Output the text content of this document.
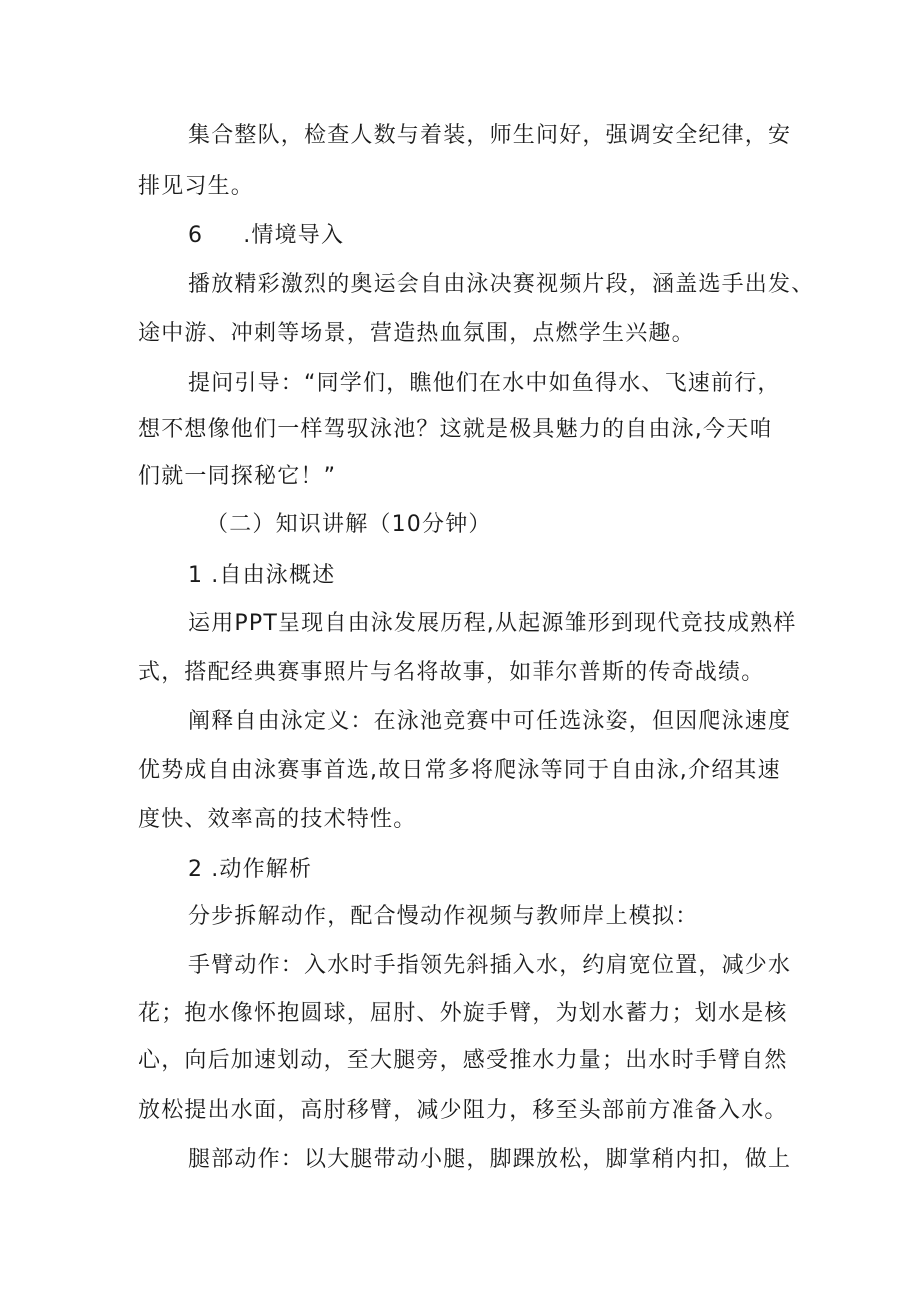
集合整队，检查人数与着装，师生问好，强调安全纪律，安
排见习生。
6 .情境导入
播放精彩激烈的奥运会自由泳决赛视频片段，涵盖选手出发、
途中游、冲刺等场景，营造热血氛围，点燃学生兴趣。
提问引导：“同学们，瞧他们在水中如鱼得水、飞速前行，
想不想像他们一样驾驭泳池？这就是极具魅力的自由泳,今天咱
们就一同探秘它！”
（二）知识讲解（10分钟）
1 .自由泳概述
运用PPT呈现自由泳发展历程,从起源雏形到现代竞技成熟样
式，搭配经典赛事照片与名将故事，如菲尔普斯的传奇战绩。
阐释自由泳定义：在泳池竞赛中可任选泳姿，但因爬泳速度
优势成自由泳赛事首选,故日常多将爬泳等同于自由泳,介绍其速
度快、效率高的技术特性。
2 .动作解析
分步拆解动作，配合慢动作视频与教师岸上模拟：
手臂动作：入水时手指领先斜插入水，约肩宽位置，减少水
花；抱水像怀抱圆球，屈肘、外旋手臂，为划水蓄力；划水是核
心，向后加速划动，至大腿旁，感受推水力量；出水时手臂自然
放松提出水面，高肘移臂，减少阻力，移至头部前方准备入水。
腿部动作：以大腿带动小腿，脚踝放松，脚掌稍内扣，做上
